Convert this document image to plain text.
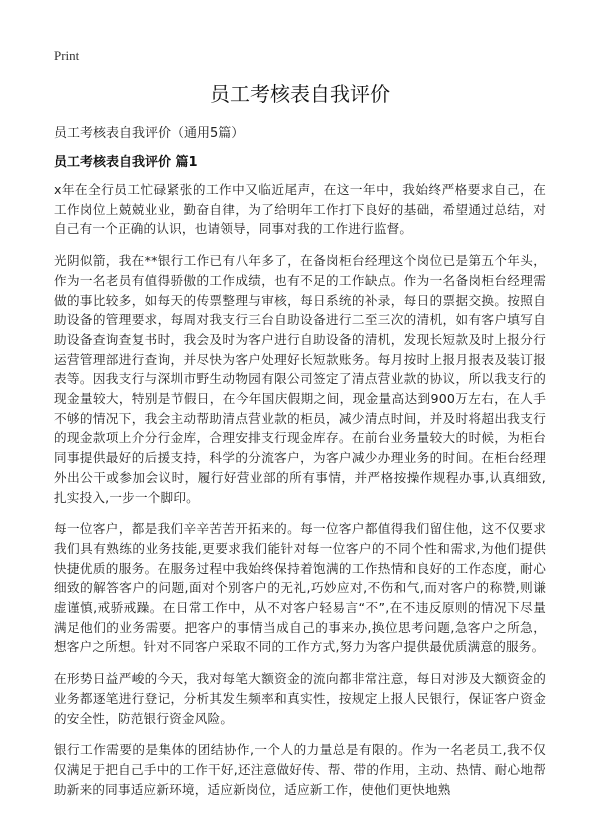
Print
员工考核表自我评价

员工考核表自我评价（通用5篇）

员工考核表自我评价 篇1

x年在全行员工忙碌紧张的工作中又临近尾声，在这一年中，我始终严格要求自己，在工作岗位上兢兢业业，勤奋自律，为了给明年工作打下良好的基础，希望通过总结，对自己有一个正确的认识，也请领导，同事对我的工作进行监督。

光阴似箭，我在**银行工作已有八年多了，在备岗柜台经理这个岗位已是第五个年头，作为一名老员有值得骄傲的工作成绩，也有不足的工作缺点。作为一名备岗柜台经理需做的事比较多，如每天的传票整理与审核，每日系统的补录，每日的票据交换。按照自助设备的管理要求，每周对我支行三台自助设备进行二至三次的清机，如有客户填写自助设备查询查复书时，我会及时为客户进行自助设备的清机，发现长短款及时上报分行运营管理部进行查询，并尽快为客户处理好长短款账务。每月按时上报月报表及装订报表等。因我支行与深圳市野生动物园有限公司签定了清点营业款的协议，所以我支行的现金量较大，特别是节假日，在今年国庆假期之间，现金量高达到900万左右，在人手不够的情况下，我会主动帮助清点营业款的柜员，减少清点时间，并及时将超出我支行的现金款项上介分行金库，合理安排支行现金库存。在前台业务量较大的时候，为柜台同事提供最好的后援支持，科学的分流客户，为客户减少办理业务的时间。在柜台经理外出公干或参加会议时，履行好营业部的所有事情，并严格按操作规程办事,认真细致,扎实投入,一步一个脚印。

每一位客户，都是我们辛辛苦苦开拓来的。每一位客户都值得我们留住他，这不仅要求我们具有熟练的业务技能,更要求我们能针对每一位客户的不同个性和需求,为他们提供快捷优质的服务。在服务过程中我始终保持着饱满的工作热情和良好的工作态度，耐心细致的解答客户的问题,面对个别客户的无礼,巧妙应对,不伤和气,而对客户的称赞,则谦虚谨慎,戒骄戒躁。在日常工作中，从不对客户轻易言“不”,在不违反原则的情况下尽量满足他们的业务需要。把客户的事情当成自己的事来办,换位思考问题,急客户之所急，想客户之所想。针对不同客户采取不同的工作方式,努力为客户提供最优质满意的服务。

在形势日益严峻的今天，我对每笔大额资金的流向都非常注意，每日对涉及大额资金的业务都逐笔进行登记，分析其发生频率和真实性，按规定上报人民银行，保证客户资金的安全性，防范银行资金风险。

银行工作需要的是集体的团结协作,一个人的力量总是有限的。作为一名老员工,我不仅仅满足于把自己手中的工作干好,还注意做好传、帮、带的作用，主动、热情、耐心地帮助新来的同事适应新环境，适应新岗位，适应新工作，使他们更快地熟
